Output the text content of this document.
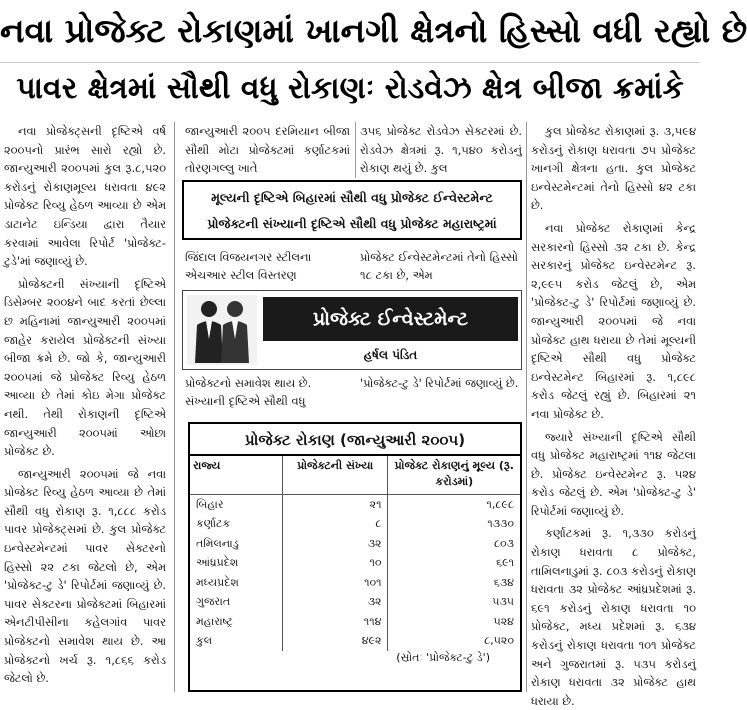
નવા પ્રોજેક્ટ રોકાણમાં ખાનગી ક્ષેત્રનો હિસ્સો વધી રહ્યો છે
પાવર ક્ષેત્રમાં સૌથી વધુ રોકાણઃ રોડવેઝ ક્ષેત્ર બીજા ક્રમાંકે

નવા પ્રોજેક્ટ્સની દૃષ્ટિએ વર્ષ ૨૦૦૫નો પ્રારંભ સારો રહ્યો છે. જાન્યુઆરી ૨૦૦૫માં કુલ રૂ.૮,૫૨૦ કરોડનું રોકાણમૂલ્ય ધરાવતા ૪૯૨ પ્રોજેક્ટ રિવ્યુ હેઠળ આવ્યા છે એમ ડાટાનેટ ઇન્ડિયા દ્વારા તૈયાર કરવામાં આવેલા રિપોર્ટ 'પ્રોજેક્ટ-ટુડે'માં જણાવ્યું છે.

પ્રોજેક્ટની સંખ્યાની દૃષ્ટિએ ડિસેમ્બર ૨૦૦૪ને બાદ કરતાં છેલ્લા છ મહિનામાં જાન્યુઆરી ૨૦૦૫માં જાહેર કરાયેલ પ્રોજેક્ટની સંખ્યા બીજા ક્રમે છે. જો કે, જાન્યુઆરી ૨૦૦૫માં જે પ્રોજેક્ટ રિવ્યુ હેઠળ આવ્યા છે તેમાં કોઇ મેગા પ્રોજેક્ટ નથી. તેથી રોકાણની દૃષ્ટિએ જાન્યુઆરી ૨૦૦૫માં ઓછા પ્રોજેક્ટ છે.

જાન્યુઆરી ૨૦૦૫માં જે નવા પ્રોજેક્ટ રિવ્યુ હેઠળ આવ્યા છે તેમાં સૌથી વધુ રોકાણ રૂ. ૧,૮૮૮ કરોડ પાવર પ્રોજેક્ટ્સમાં છે. કુલ પ્રોજેક્ટ ઇન્વેસ્ટમેન્ટમાં પાવર સેક્ટરનો હિસ્સો ૨૨ ટકા જેટલો છે, એમ 'પ્રોજેક્ટ-ટુ ડે' રિપોર્ટમાં જણાવ્યું છે. પાવર સેક્ટરના પ્રોજેક્ટમાં બિહારમાં એનટીપીસીના કહેલગાંવ પાવર પ્રોજેક્ટનો સમાવેશ થાય છે. આ પ્રોજેક્ટનો ખર્ચ રૂ. ૧,૮૬૬ કરોડ જેટલો છે.

જાન્યુઆરી ૨૦૦૫ દરમિયાન બીજા સૌથી મોટા પ્રોજેક્ટમાં કર્ણાટકમાં તોરણગલ્લુ ખાતે
૩૫૬ પ્રોજેક્ટ રોડવેઝ સેક્ટરમાં છે. રોડવેઝ ક્ષેત્રમાં રૂ. ૧,૫૪૦ કરોડનું રોકાણ થયું છે. કુલ
મૂલ્યની દૃષ્ટિએ બિહારમાં સૌથી વધુ પ્રોજેક્ટ ઈન્વેસ્ટમેન્ટ
પ્રોજેક્ટની સંખ્યાની દૃષ્ટિએ સૌથી વધુ પ્રોજેક્ટ મહારાષ્ટ્રમાં
જિંદાલ વિજયનગર સ્ટીલના એચઆર સ્ટીલ વિસ્તરણ
પ્રોજેક્ટ ઈન્વેસ્ટમેન્ટમાં તેનો હિસ્સો ૧૮ ટકા છે, એમ
પ્રોજેક્ટ ઈન્વેસ્ટમેન્ટ
હર્ષલ પંડિત
પ્રોજેક્ટનો સમાવેશ થાય છે. સંખ્યાની દૃષ્ટિએ સૌથી વધુ
'પ્રોજેક્ટ-ટુ ડે' રિપોર્ટમાં જણાવ્યું છે.
પ્રોજેક્ટ રોકાણ (જાન્યુઆરી ૨૦૦૫)
રાજ્ય	પ્રોજેક્ટની સંખ્યા	પ્રોજેક્ટ રોકાણનું મૂલ્ય (રૂ. કરોડમાં)
બિહાર	૨૧	૧,૮૯૮
કર્ણાટક	૮	૧૩૩૦
તમિલનાડુ	૩૨	૮૦૩
આંધ્રપ્રદેશ	૧૦	૬૯૧
મધ્યપ્રદેશ	૧૦૧	૬૩૪
ગુજરાત	૩૨	૫૩૫
મહારાષ્ટ્ર	૧૧૪	૫૨૪
કુલ	૪૯૨	૮,૫૨૦
(સ્રોતઃ 'પ્રોજેક્ટ-ટુ ડે')

કુલ પ્રોજેક્ટ રોકાણમાં રૂ. ૩,૫૯૪ કરોડનું રોકાણ ધરાવતા ૭૫ પ્રોજેક્ટ ખાનગી ક્ષેત્રના હતા. કુલ પ્રોજેક્ટ ઇન્વેસ્ટમેન્ટમાં તેનો હિસ્સો ૪૨ ટકા છે.

નવા પ્રોજેક્ટ રોકાણમાં કેન્દ્ર સરકારનો હિસ્સો ૩૨ ટકા છે. કેન્દ્ર સરકારનું પ્રોજેક્ટ ઇન્વેસ્ટમેન્ટ રૂ. ૨,૯૯૫ કરોડ જેટલું છે, એમ 'પ્રોજેક્ટ-ટુ ડે' રિપોર્ટમાં જણાવ્યું છે. જાન્યુઆરી ૨૦૦૫માં જે નવા પ્રોજેક્ટ હાથ ધરાયા છે તેમાં મૂલ્યની દૃષ્ટિએ સૌથી વધુ પ્રોજેક્ટ ઇન્વેસ્ટમેન્ટ બિહારમાં રૂ. ૧,૮૯૮ કરોડ જેટલું રહ્યું છે. બિહારમાં ૨૧ નવા પ્રોજેક્ટ છે.

જ્યારે સંખ્યાની દૃષ્ટિએ સૌથી વધુ પ્રોજેક્ટ મહારાષ્ટ્રમાં ૧૧૪ જેટલા છે. પ્રોજેક્ટ ઇન્વેસ્ટમેન્ટ રૂ. ૫૨૪ કરોડ જેટલું છે. એમ 'પ્રોજેક્ટ-ટુ ડે' રિપોર્ટમાં જણાવ્યું છે.

કર્ણાટકમાં રૂ. ૧,૩૩૦ કરોડનું રોકાણ ધરાવતા ૮ પ્રોજેક્ટ, તામિલનાડુમાં રૂ. ૮૦૩ કરોડનું રોકાણ ધરાવતા ૩૨ પ્રોજેક્ટ આંધ્રપ્રદેશમાં રૂ. ૬૯૧ કરોડનું રોકાણ ધરાવતા ૧૦ પ્રોજેક્ટ, મધ્ય પ્રદેશમાં રૂ. ૬૩૪ કરોડનું રોકાણ ધરાવતા ૧૦૧ પ્રોજેક્ટ અને ગુજરાતમાં રૂ. ૫૩૫ કરોડનું રોકાણ ધરાવતા ૩૨ પ્રોજેક્ટ હાથ ધરાયા છે.
